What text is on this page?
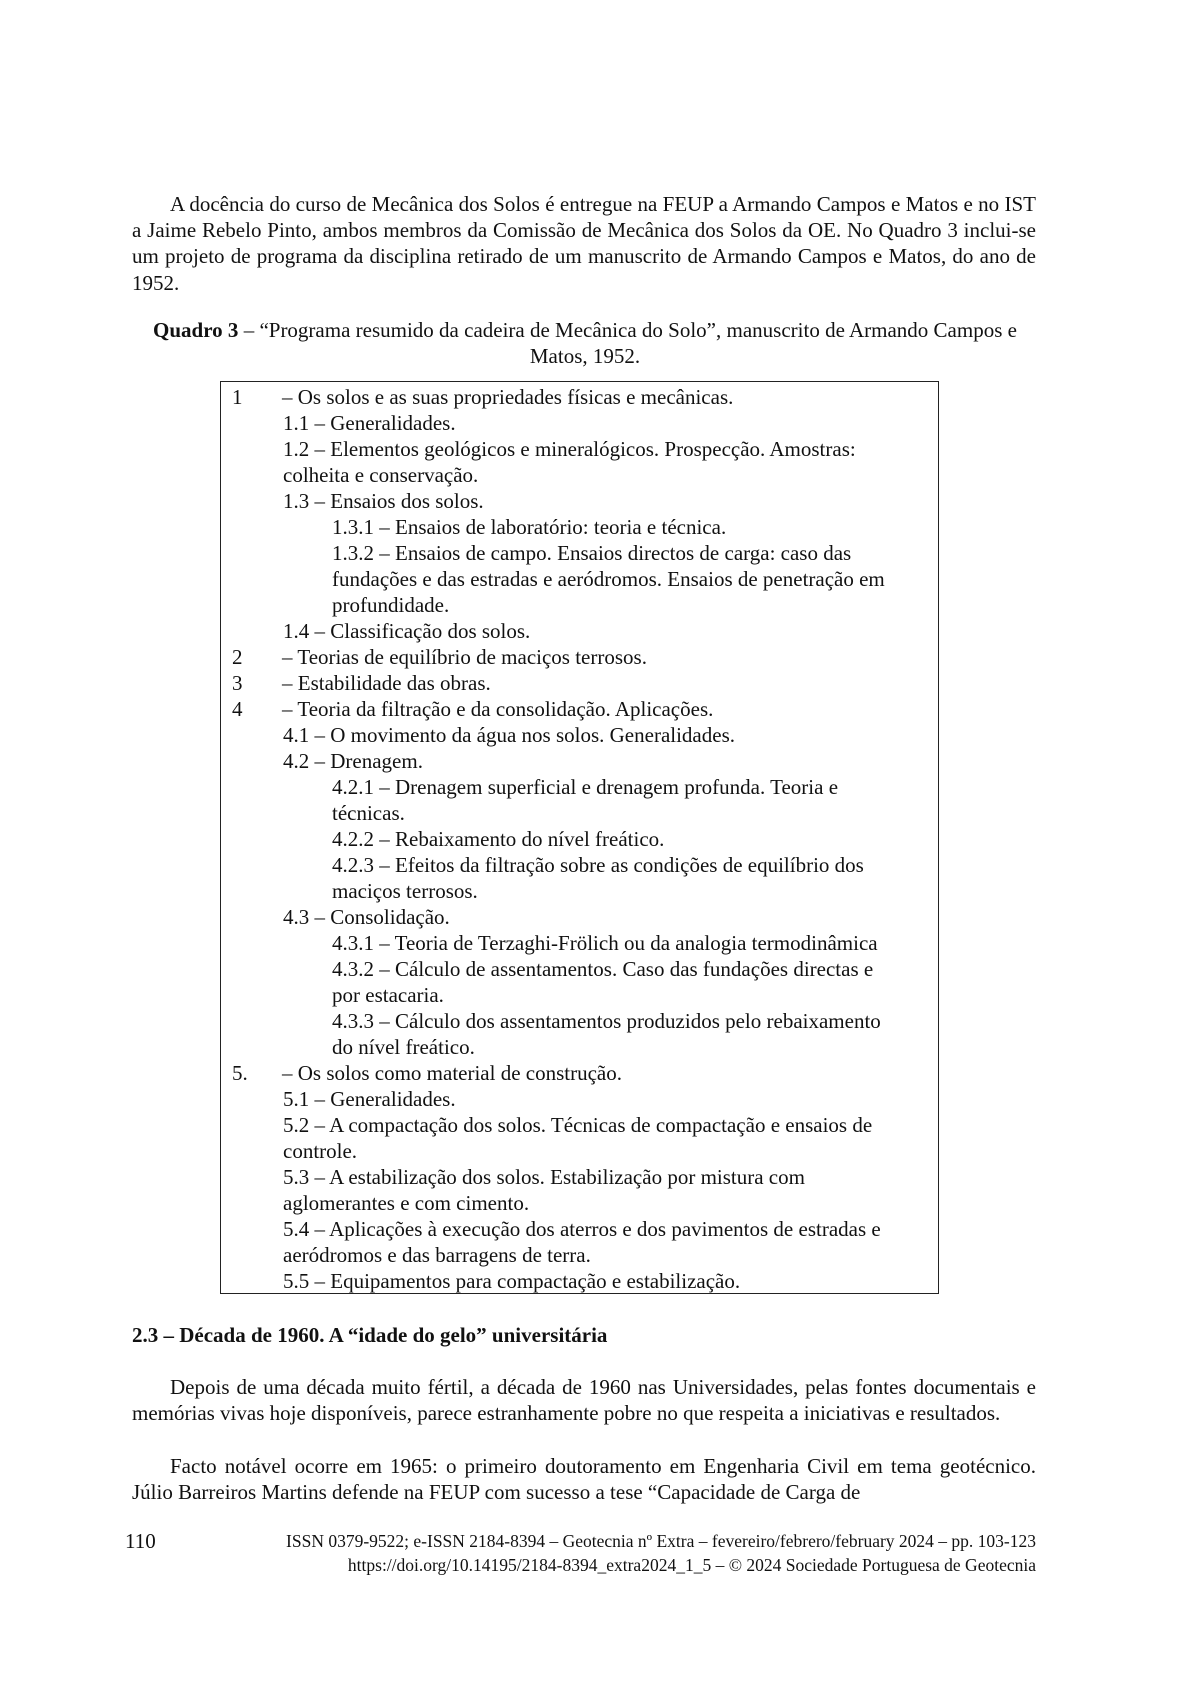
A docência do curso de Mecânica dos Solos é entregue na FEUP a Armando Campos e Matos e no IST a Jaime Rebelo Pinto, ambos membros da Comissão de Mecânica dos Solos da OE. No Quadro 3 inclui-se um projeto de programa da disciplina retirado de um manuscrito de Armando Campos e Matos, do ano de 1952.

Quadro 3 – “Programa resumido da cadeira de Mecânica do Solo”, manuscrito de Armando Campos e Matos, 1952.

1 – Os solos e as suas propriedades físicas e mecânicas.
1.1 – Generalidades.
1.2 – Elementos geológicos e mineralógicos. Prospecção. Amostras:
colheita e conservação.
1.3 – Ensaios dos solos.
1.3.1 – Ensaios de laboratório: teoria e técnica.
1.3.2 – Ensaios de campo. Ensaios directos de carga: caso das
fundações e das estradas e aeródromos. Ensaios de penetração em
profundidade.
1.4 – Classificação dos solos.
2 – Teorias de equilíbrio de maciços terrosos.
3 – Estabilidade das obras.
4 – Teoria da filtração e da consolidação. Aplicações.
4.1 – O movimento da água nos solos. Generalidades.
4.2 – Drenagem.
4.2.1 – Drenagem superficial e drenagem profunda. Teoria e
técnicas.
4.2.2 – Rebaixamento do nível freático.
4.2.3 – Efeitos da filtração sobre as condições de equilíbrio dos
maciços terrosos.
4.3 – Consolidação.
4.3.1 – Teoria de Terzaghi-Frölich ou da analogia termodinâmica
4.3.2 – Cálculo de assentamentos. Caso das fundações directas e
por estacaria.
4.3.3 – Cálculo dos assentamentos produzidos pelo rebaixamento
do nível freático.
5. – Os solos como material de construção.
5.1 – Generalidades.
5.2 – A compactação dos solos. Técnicas de compactação e ensaios de
controle.
5.3 – A estabilização dos solos. Estabilização por mistura com
aglomerantes e com cimento.
5.4 – Aplicações à execução dos aterros e dos pavimentos de estradas e
aeródromos e das barragens de terra.
5.5 – Equipamentos para compactação e estabilização.

2.3 – Década de 1960. A “idade do gelo” universitária

Depois de uma década muito fértil, a década de 1960 nas Universidades, pelas fontes documentais e memórias vivas hoje disponíveis, parece estranhamente pobre no que respeita a iniciativas e resultados.

Facto notável ocorre em 1965: o primeiro doutoramento em Engenharia Civil em tema geotécnico. Júlio Barreiros Martins defende na FEUP com sucesso a tese “Capacidade de Carga de

110	ISSN 0379-9522; e-ISSN 2184-8394 – Geotecnia nº Extra – fevereiro/febrero/february 2024 – pp. 103-123
https://doi.org/10.14195/2184-8394_extra2024_1_5 – © 2024 Sociedade Portuguesa de Geotecnia
